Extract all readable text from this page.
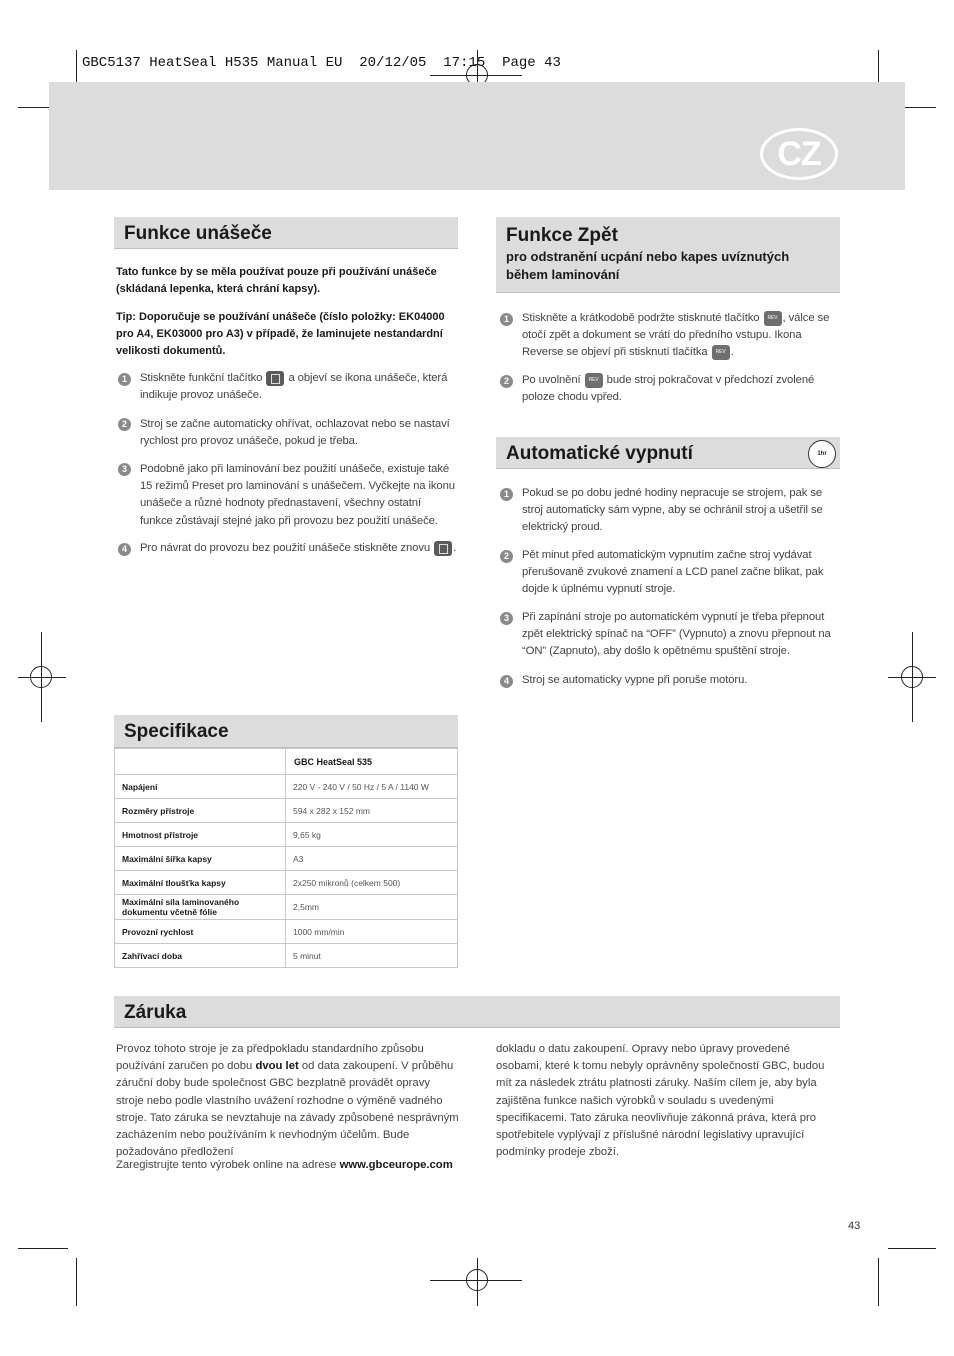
GBC5137 HeatSeal H535 Manual EU  20/12/05  17:15  Page 43
CZ
Funkce unášeče
Tato funkce by se měla používat pouze při používání unášeče (skládaná lepenka, která chrání kapsy).
Tip: Doporučuje se používání unášeče (číslo položky: EK04000 pro A4, EK03000 pro A3) v případě, že laminujete nestandardní velikosti dokumentů.
1	Stiskněte funkční tlačítko a objeví se ikona unášeče, která indikuje provoz unášeče.
2	Stroj se začne automaticky ohřívat, ochlazovat nebo se nastaví rychlost pro provoz unášeče, pokud je třeba.
3	Podobně jako při laminování bez použití unášeče, existuje také 15 režimů Preset pro laminování s unášečem. Vyčkejte na ikonu unášeče a různé hodnoty přednastavení, všechny ostatní funkce zůstávají stejné jako při provozu bez použití unášeče.
4	Pro návrat do provozu bez použití unášeče stiskněte znovu .
Funkce Zpět
pro odstranění ucpání nebo kapes uvíznutých během laminování
1	Stiskněte a krátkodobě podržte stisknuté tlačítko REV , válce se otočí zpět a dokument se vrátí do předního vstupu. Ikona Reverse se objeví při stisknutí tlačítka REV .
2	Po uvolnění REV bude stroj pokračovat v předchozí zvolené poloze chodu vpřed.
Automatické vypnutí	1hr
1	Pokud se po dobu jedné hodiny nepracuje se strojem, pak se stroj automaticky sám vypne, aby se ochránil stroj a ušetřil se elektrický proud.
2	Pět minut před automatickým vypnutím začne stroj vydávat přerušovaně zvukové znamení a LCD panel začne blikat, pak dojde k úplnému vypnutí stroje.
3	Při zapínání stroje po automatickém vypnutí je třeba přepnout zpět elektrický spínač na “OFF” (Vypnuto) a znovu přepnout na “ON” (Zapnuto), aby došlo k opětnému spuštění stroje.
4	Stroj se automaticky vypne při poruše motoru.
Specifikace
	GBC HeatSeal 535
Napájení	220 V - 240 V / 50 Hz / 5 A / 1140 W
Rozměry přístroje	594 x 282 x 152 mm
Hmotnost přístroje	9,65 kg
Maximální šířka kapsy	A3
Maximální tloušťka kapsy	2x250 mikronů (celkem 500)
Maximální síla laminovaného dokumentu včetně fólie	2,5mm
Provozní rychlost	1000 mm/min
Zahřívací doba	5 minut
Záruka
Provoz tohoto stroje je za předpokladu standardního způsobu používání zaručen po dobu dvou let od data zakoupení. V průběhu záruční doby bude společnost GBC bezplatně provádět opravy stroje nebo podle vlastního uvážení rozhodne o výměně vadného stroje. Tato záruka se nevztahuje na závady způsobené nesprávným zacházením nebo používáním k nevhodným účelům. Bude požadováno předložení
Zaregistrujte tento výrobek online na adrese www.gbceurope.com
dokladu o datu zakoupení. Opravy nebo úpravy provedené osobami, které k tomu nebyly oprávněny společností GBC, budou mít za následek ztrátu platnosti záruky. Naším cílem je, aby byla zajištěna funkce našich výrobků v souladu s uvedenými specifikacemi. Tato záruka neovlivňuje zákonná práva, která pro spotřebitele vyplývají z příslušné národní legislativy upravující podmínky prodeje zboží.
43
